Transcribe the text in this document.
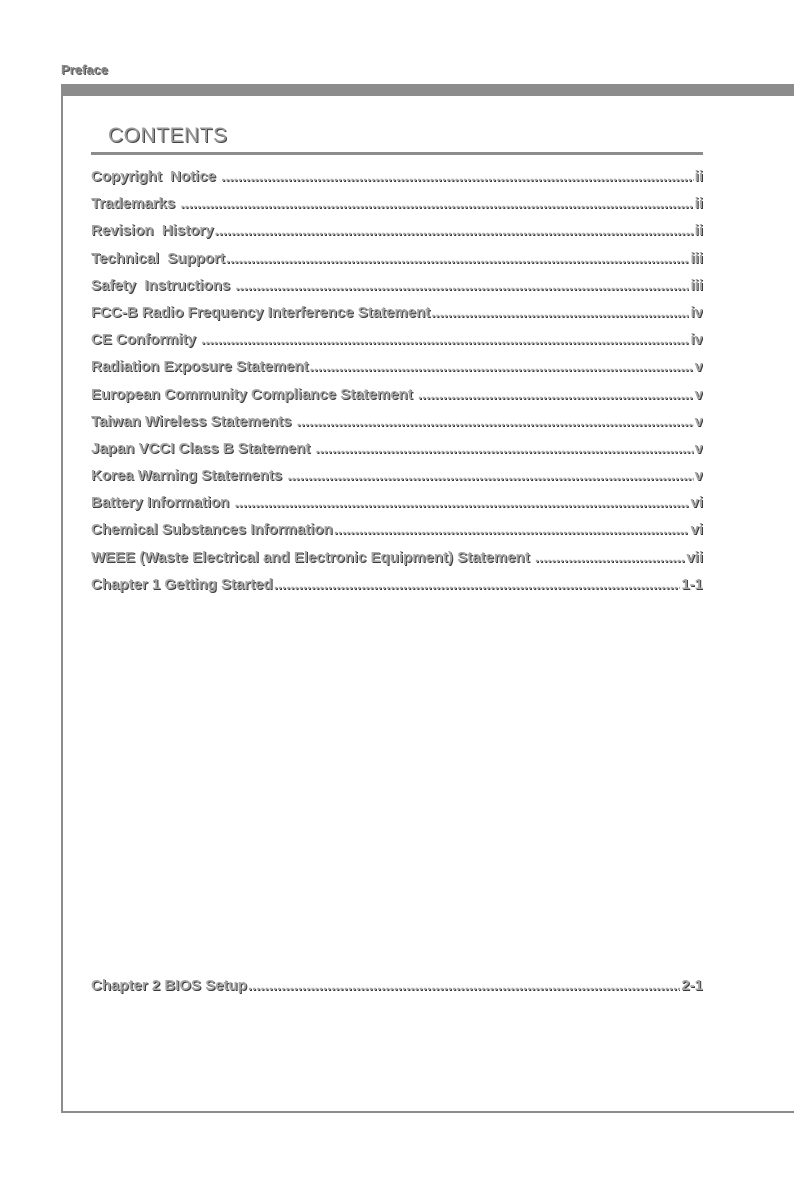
Preface
CONTENTS
Copyright  Notice .....	ii
Trademarks .....	ii
Revision  History .....	ii
Technical  Support .....	iii
Safety  Instructions .....	iii
FCC-B Radio Frequency Interference Statement .....	iv
CE Conformity .....	iv
Radiation Exposure Statement .....	v
European Community Compliance Statement .....	v
Taiwan Wireless Statements .....	v
Japan VCCI Class B Statement .....	v
Korea Warning Statements .....	v
Battery Information .....	vi
Chemical Substances Information .....	vi
WEEE (Waste Electrical and Electronic Equipment) Statement .....	vii
Chapter 1 Getting Started .....	1-1
Chapter 2 BIOS Setup .....	2-1
